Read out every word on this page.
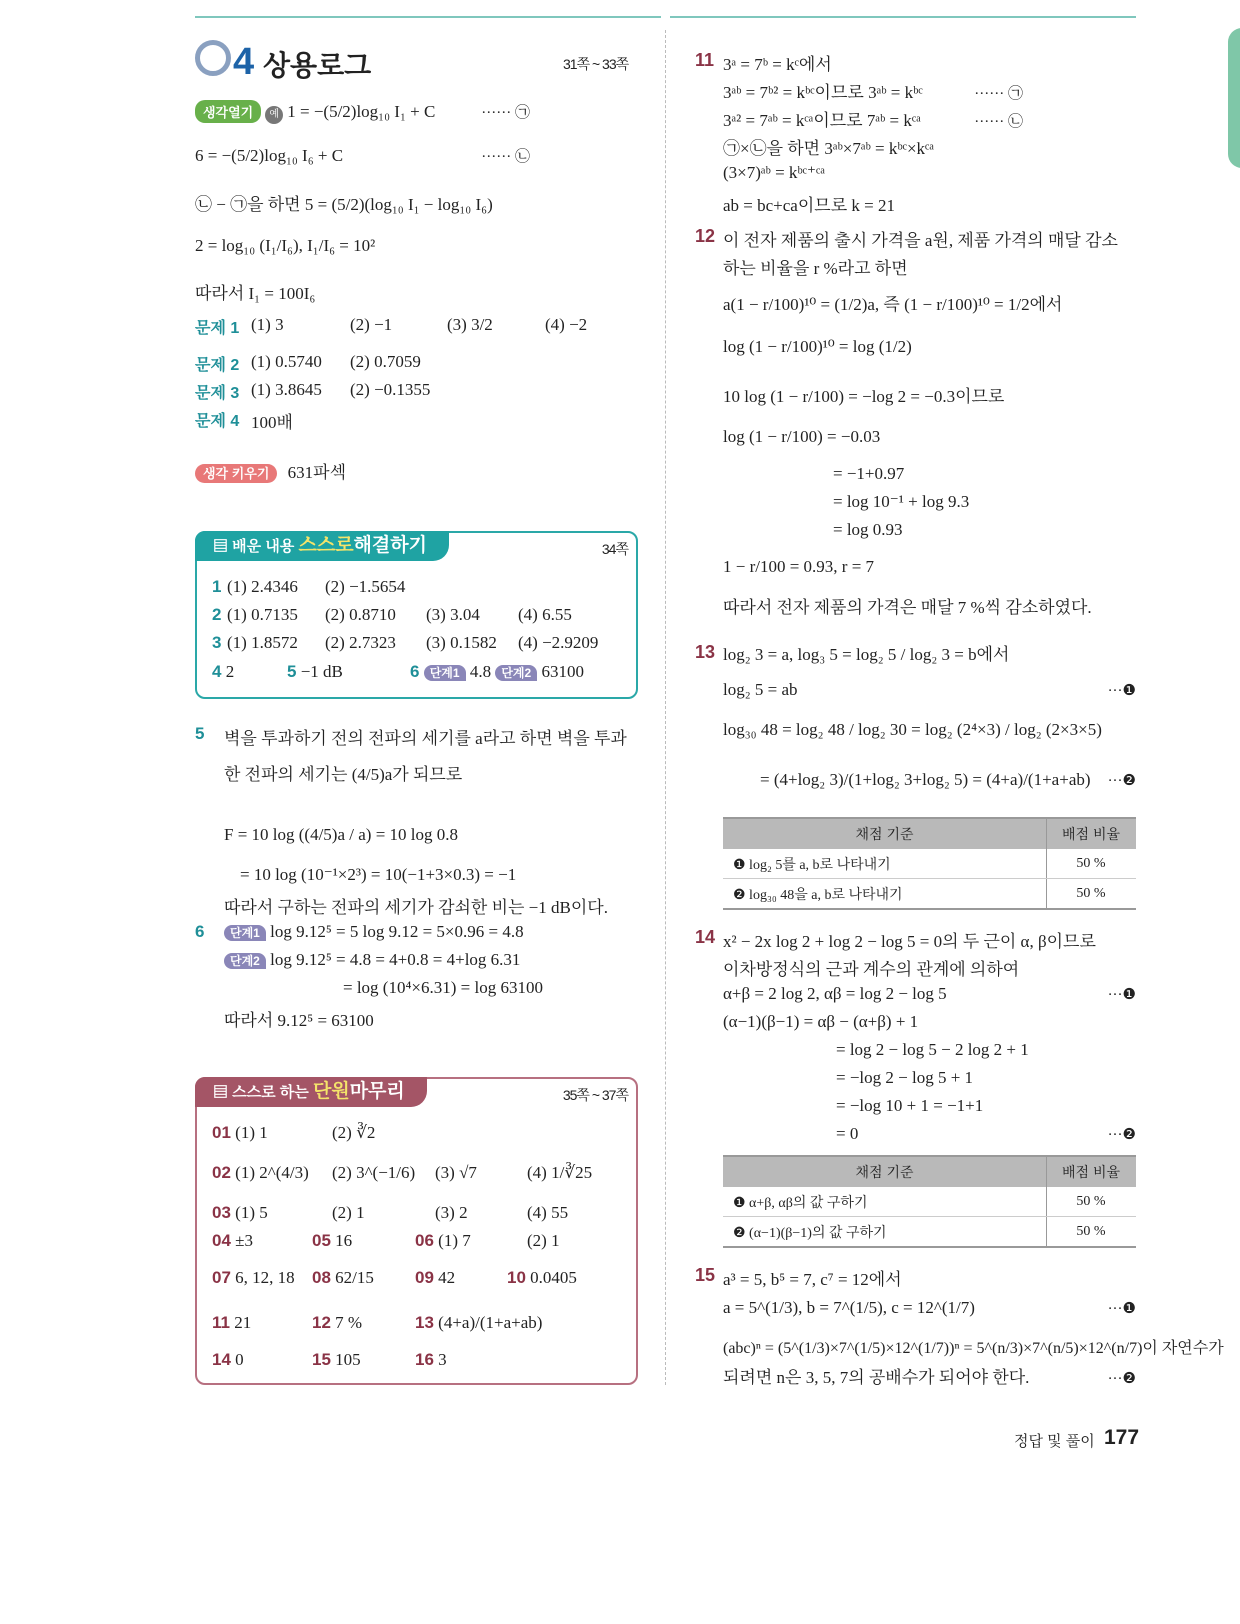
4 상용로그	31쪽 ~ 33쪽
생각열기	예 1 = −(5/2)log₁₀ I₁ + C	······ ㉠
6 = −(5/2)log₁₀ I₆ + C	······ ㉡
㉡ − ㉠을 하면 5 = (5/2)(log₁₀ I₁ − log₁₀ I₆)
2 = log₁₀ (I₁/I₆), I₁/I₆ = 10²
따라서 I₁ = 100I₆
문제 1 (1) 3	(2) −1	(3) 3/2	(4) −2
문제 2 (1) 0.5740 (2) 0.7059
문제 3 (1) 3.8645 (2) −0.1355
문제 4 100배
생각 키우기 631파섹
▤ 배운 내용 스스로해결하기	34쪽
1 (1) 2.4346 (2) −1.5654
2 (1) 0.7135 (2) 0.8710 (3) 3.04 (4) 6.55
3 (1) 1.8572 (2) 2.7323 (3) 0.1582 (4) −2.9209
4 2	5 −1 dB	6 단계1 4.8 단계2 63100
5 벽을 투과하기 전의 전파의 세기를 a라고 하면 벽을 투과
한 전파의 세기는 (4/5)a가 되므로
F = 10 log ((4/5)a / a) = 10 log 0.8
= 10 log (10⁻¹×2³) = 10(−1+3×0.3) = −1
따라서 구하는 전파의 세기가 감쇠한 비는 −1 dB이다.
6	단계1 log 9.12⁵ = 5 log 9.12 = 5×0.96 = 4.8
단계2 log 9.12⁵ = 4.8 = 4+0.8 = 4+log 6.31
= log (10⁴×6.31) = log 63100
따라서 9.12⁵ = 63100
▤ 스스로 하는 단원마무리	35쪽 ~ 37쪽
01 (1) 1	(2) ∛2
02 (1) 2^(4/3) (2) 3^(−1/6) (3) √7	(4) 1/∛25
03 (1) 5	(2) 1	(3) 2	(4) 55
04 ±3	05 16	06 (1) 7	(2) 1
07 6, 12, 18 08 62/15 09 42	10 0.0405
11 21	12 7 %	13 (4+a)/(1+a+ab)
14 0	15 105	16 3
11 3ᵃ = 7ᵇ = kᶜ에서
3ᵃᵇ = 7ᵇ² = kᵇᶜ이므로 3ᵃᵇ = kᵇᶜ	······ ㉠
3ᵃ² = 7ᵃᵇ = kᶜᵃ이므로 7ᵃᵇ = kᶜᵃ	······ ㉡
㉠×㉡을 하면 3ᵃᵇ×7ᵃᵇ = kᵇᶜ×kᶜᵃ
(3×7)ᵃᵇ = kᵇᶜ⁺ᶜᵃ
ab = bc+ca이므로 k = 21
12 이 전자 제품의 출시 가격을 a원, 제품 가격의 매달 감소
하는 비율을 r %라고 하면
a(1 − r/100)¹⁰ = (1/2)a, 즉 (1 − r/100)¹⁰ = 1/2에서
log (1 − r/100)¹⁰ = log (1/2)
10 log (1 − r/100) = −log 2 = −0.3이므로
log (1 − r/100) = −0.03
= −1+0.97
= log 10⁻¹ + log 9.3
= log 0.93
1 − r/100 = 0.93, r = 7
따라서 전자 제품의 가격은 매달 7 %씩 감소하였다.
13 log₂ 3 = a, log₃ 5 = log₂ 5 / log₂ 3 = b에서
log₂ 5 = ab	···❶
log₃₀ 48 = log₂ 48 / log₂ 30 = log₂ (2⁴×3) / log₂ (2×3×5)
= (4+log₂ 3)/(1+log₂ 3+log₂ 5) = (4+a)/(1+a+ab)	···❷
채점 기준	배점 비율
❶ log₂ 5를 a, b로 나타내기	50 %
❷ log₃₀ 48을 a, b로 나타내기	50 %
14 x² − 2x log 2 + log 2 − log 5 = 0의 두 근이 α, β이므로
이차방정식의 근과 계수의 관계에 의하여
α+β = 2 log 2, αβ = log 2 − log 5	···❶
(α−1)(β−1) = αβ − (α+β) + 1
= log 2 − log 5 − 2 log 2 + 1
= −log 2 − log 5 + 1
= −log 10 + 1 = −1+1
= 0	···❷
채점 기준	배점 비율
❶ α+β, αβ의 값 구하기	50 %
❷ (α−1)(β−1)의 값 구하기	50 %
15 a³ = 5, b⁵ = 7, c⁷ = 12에서
a = 5^(1/3), b = 7^(1/5), c = 12^(1/7)	···❶
(abc)ⁿ = (5^(1/3)×7^(1/5)×12^(1/7))ⁿ = 5^(n/3)×7^(n/5)×12^(n/7)이 자연수가
되려면 n은 3, 5, 7의 공배수가 되어야 한다.	···❷
정답 및 풀이 177
